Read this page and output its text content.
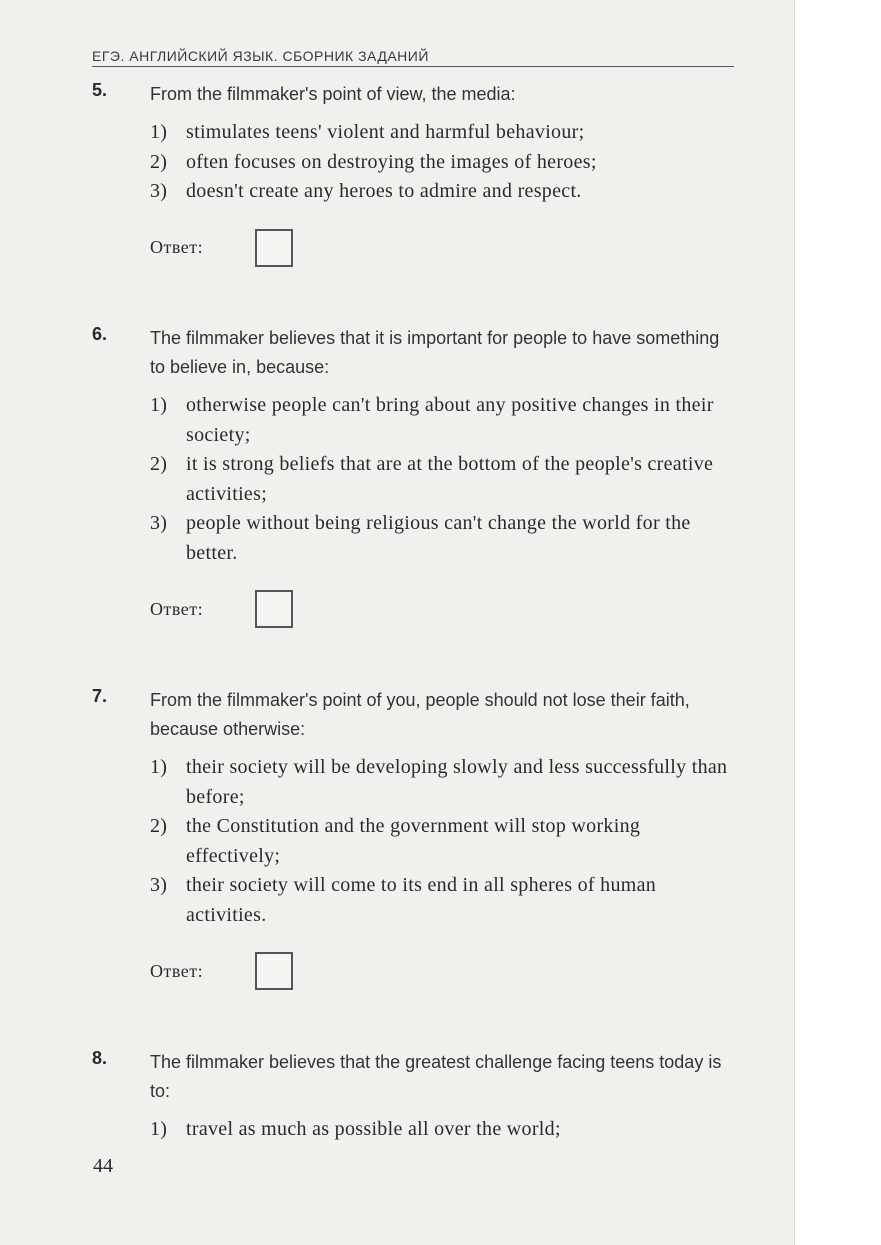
ЕГЭ. АНГЛИЙСКИЙ ЯЗЫК. СБОРНИК ЗАДАНИЙ
5. From the filmmaker's point of view, the media:
1) stimulates teens' violent and harmful behaviour;
2) often focuses on destroying the images of heroes;
3) doesn't create any heroes to admire and respect.
Ответ:
6. The filmmaker believes that it is important for people to have something to believe in, because:
1) otherwise people can't bring about any positive changes in their society;
2) it is strong beliefs that are at the bottom of the people's creative activities;
3) people without being religious can't change the world for the better.
Ответ:
7. From the filmmaker's point of you, people should not lose their faith, because otherwise:
1) their society will be developing slowly and less successfully than before;
2) the Constitution and the government will stop working effectively;
3) their society will come to its end in all spheres of human activities.
Ответ:
8. The filmmaker believes that the greatest challenge facing teens today is to:
1) travel as much as possible all over the world;
44
